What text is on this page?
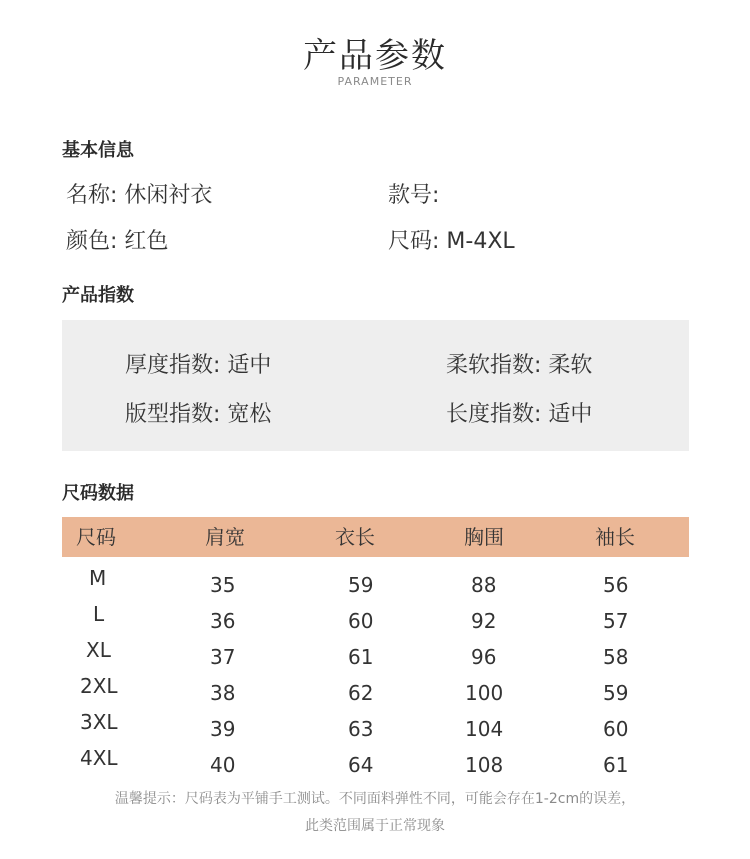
产品参数
PARAMETER
基本信息
名称: 休闲衬衣	款号:
颜色: 红色	尺码: M-4XL
产品指数
厚度指数: 适中	柔软指数: 柔软
版型指数: 宽松	长度指数: 适中
尺码数据
尺码	肩宽	衣长	胸围	袖长
M	35	59	88	56
L	36	60	92	57
XL	37	61	96	58
2XL	38	62	100	59
3XL	39	63	104	60
4XL	40	64	108	61
温馨提示：尺码表为平铺手工测试。不同面料弹性不同，可能会存在1-2cm的误差，
此类范围属于正常现象
